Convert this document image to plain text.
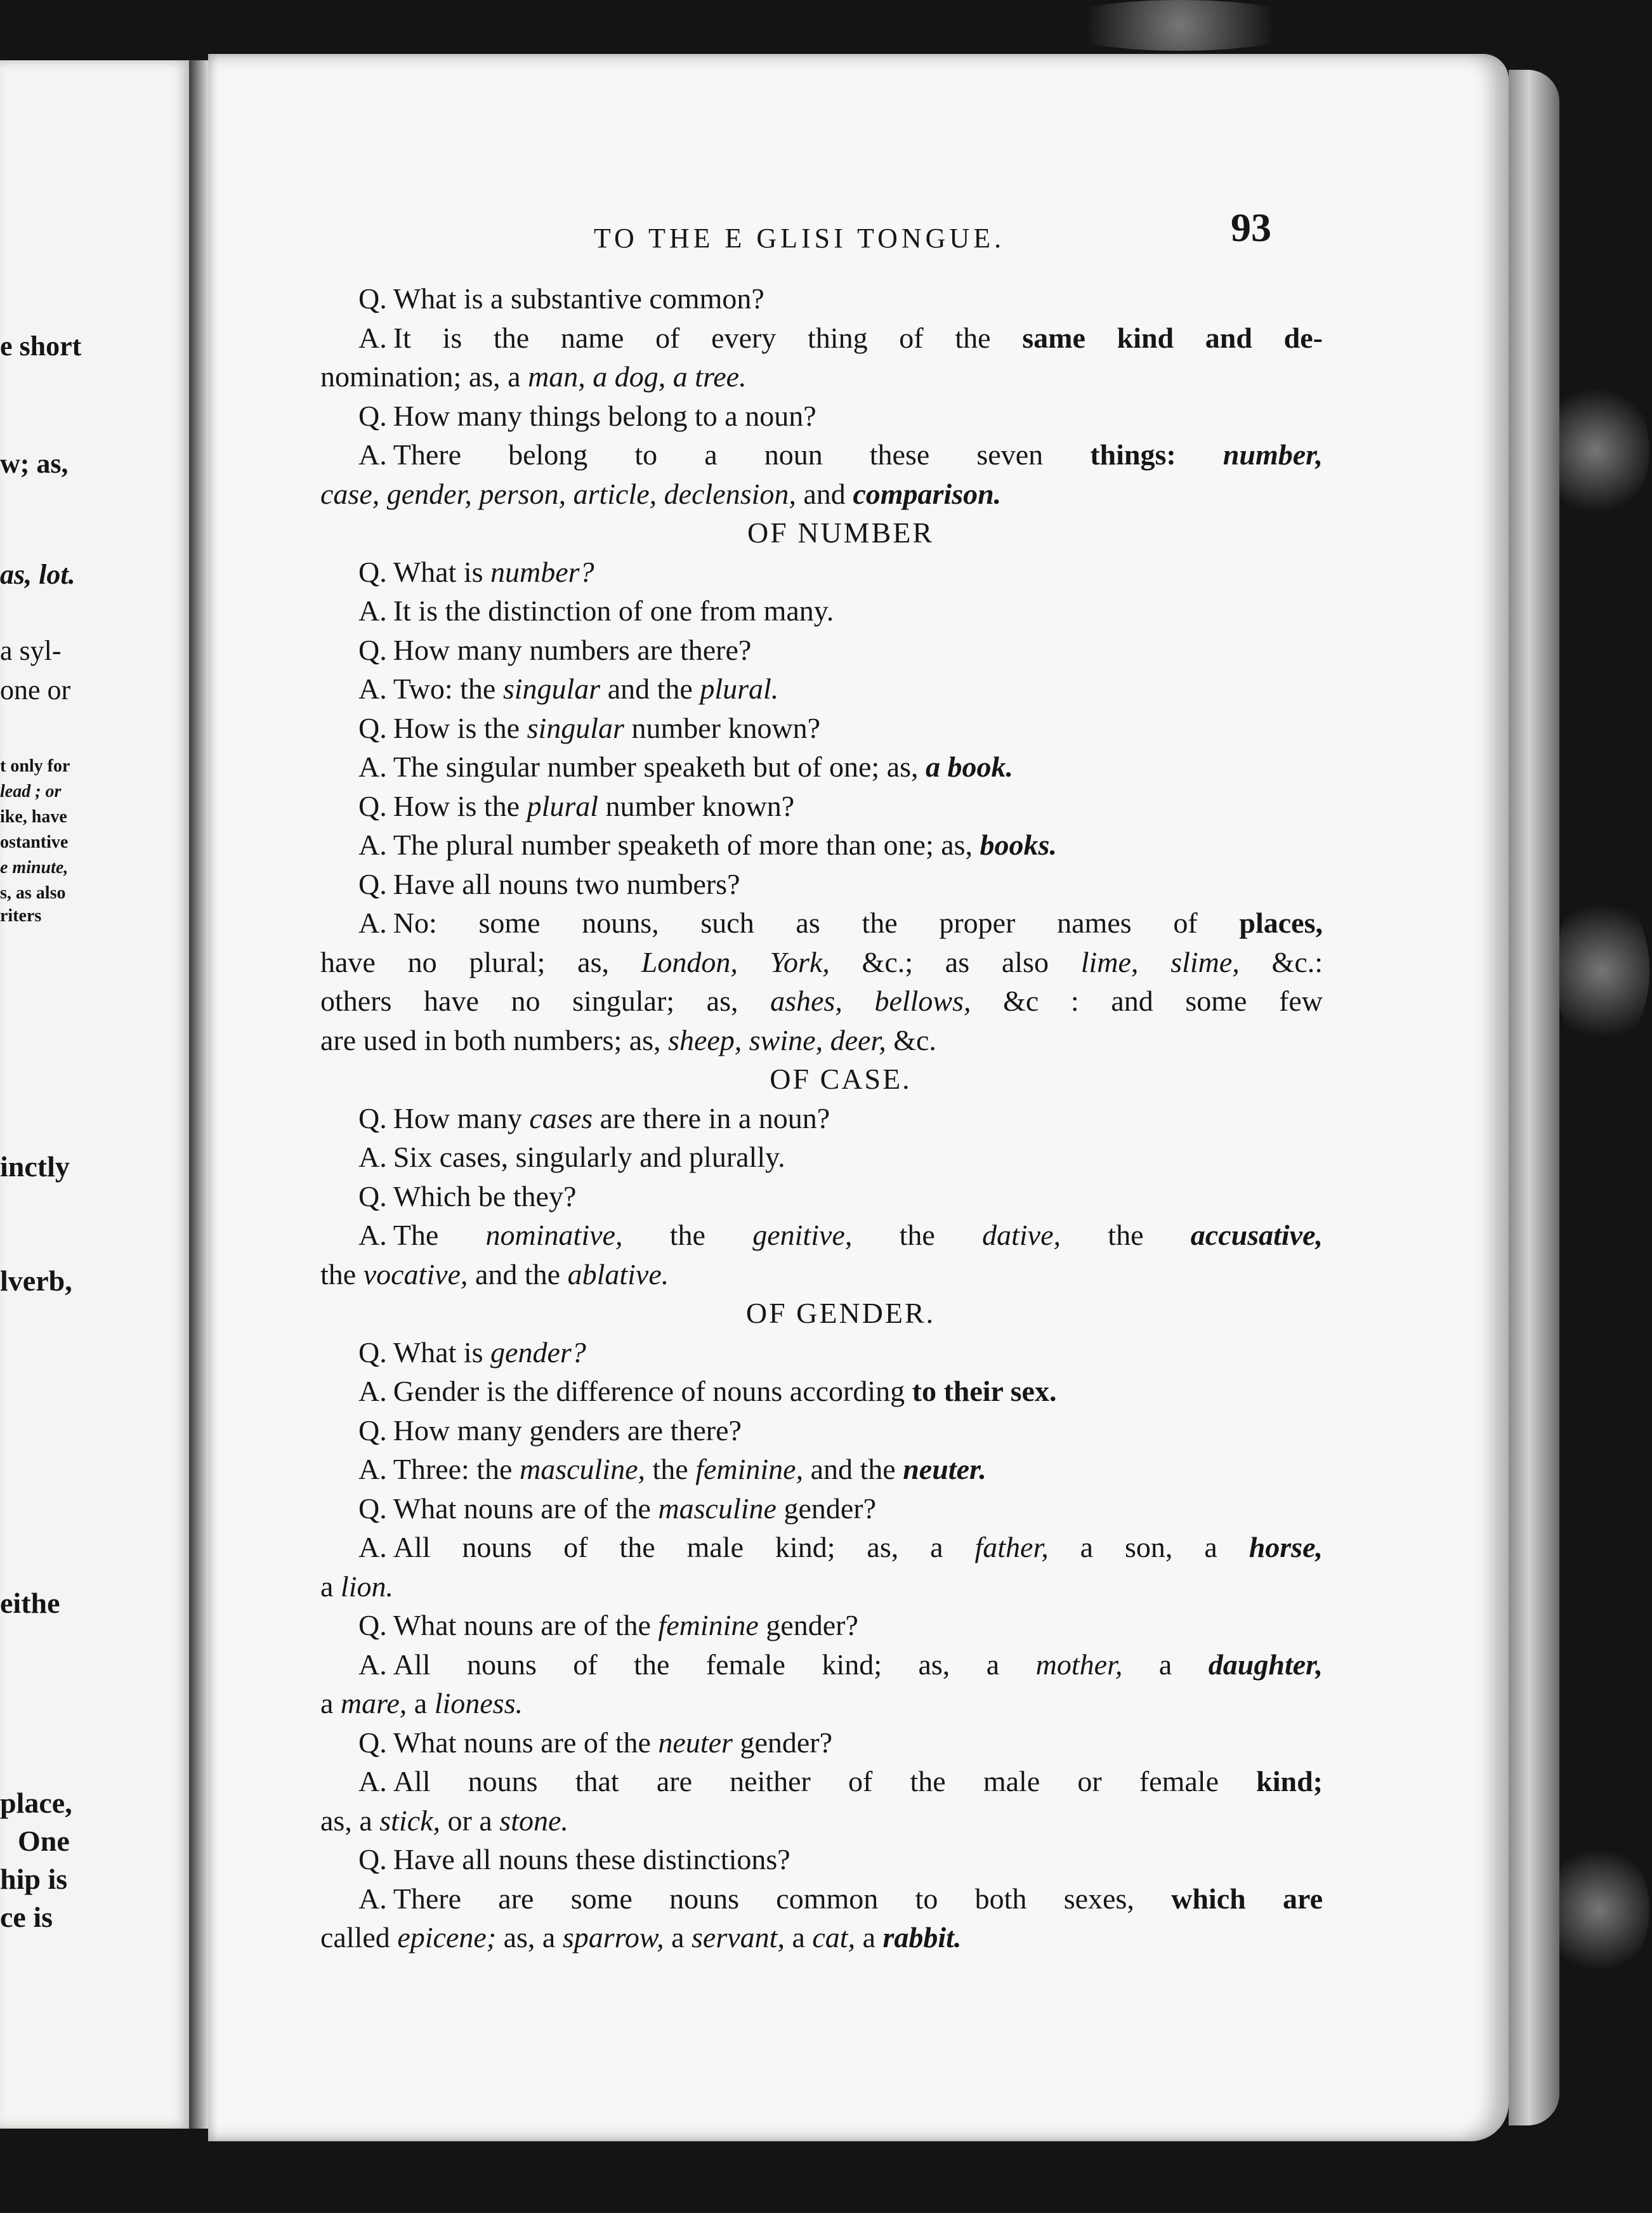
e short
w; as,
as, lot.
a syl-
one or
t only for
lead ; or
ike, have
ostantive
e minute,
s, as also
riters
inctly
lverb,
eithe
place,
One
hip is
ce is
TO THE E GLISI TONGUE.	93
Q. What is a substantive common?
A. It is the name of every thing of the same kind and de-
nomination; as, a man, a dog, a tree.
Q. How many things belong to a noun?
A. There belong to a noun these seven things: number,
case, gender, person, article, declension, and comparison.
OF NUMBER
Q. What is number?
A. It is the distinction of one from many.
Q. How many numbers are there?
A. Two: the singular and the plural.
Q. How is the singular number known?
A. The singular number speaketh but of one; as, a book.
Q. How is the plural number known?
A. The plural number speaketh of more than one; as, books.
Q. Have all nouns two numbers?
A. No: some nouns, such as the proper names of places,
have no plural; as, London, York, &c.; as also lime, slime, &c.:
others have no singular; as, ashes, bellows, &c : and some few
are used in both numbers; as, sheep, swine, deer, &c.
OF CASE.
Q. How many cases are there in a noun?
A. Six cases, singularly and plurally.
Q. Which be they?
A. The nominative, the genitive, the dative, the accusative,
the vocative, and the ablative.
OF GENDER.
Q. What is gender?
A. Gender is the difference of nouns according to their sex.
Q. How many genders are there?
A. Three: the masculine, the feminine, and the neuter.
Q. What nouns are of the masculine gender?
A. All nouns of the male kind; as, a father, a son, a horse,
a lion.
Q. What nouns are of the feminine gender?
A. All nouns of the female kind; as, a mother, a daughter,
a mare, a lioness.
Q. What nouns are of the neuter gender?
A. All nouns that are neither of the male or female kind;
as, a stick, or a stone.
Q. Have all nouns these distinctions?
A. There are some nouns common to both sexes, which are
called epicene; as, a sparrow, a servant, a cat, a rabbit.
